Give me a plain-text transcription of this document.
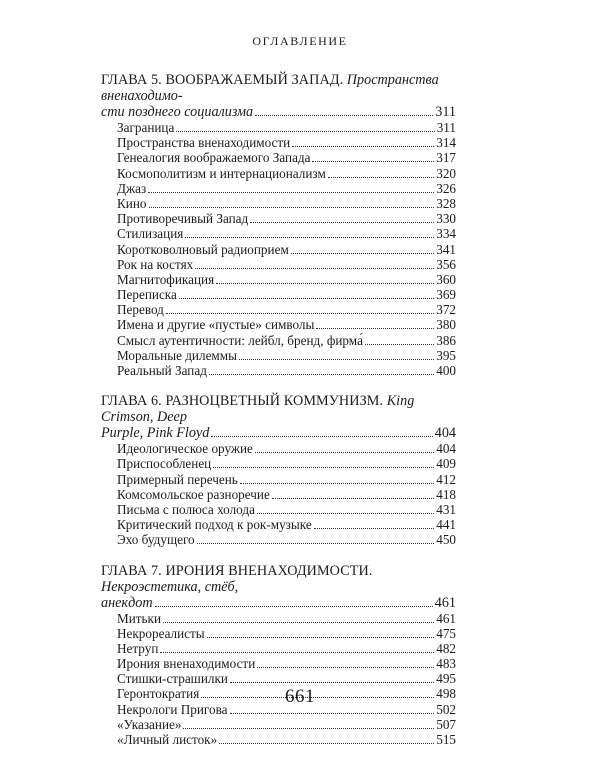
ОГЛАВЛЕНИЕ
ГЛАВА 5. ВООБРАЖАЕМЫЙ ЗАПАД. Пространства вненаходимо-
сти позднего социализма	311
Заграница	311
Пространства вненаходимости	314
Генеалогия воображаемого Запада	317
Космополитизм и интернационализм	320
Джаз	326
Кино	328
Противоречивый Запад	330
Стилизация	334
Коротковолновый радиоприем	341
Рок на костях	356
Магнитофикация	360
Переписка	369
Перевод	372
Имена и другие «пустые» символы	380
Смысл аутентичности: лейбл, бренд, фирма́	386
Моральные дилеммы	395
Реальный Запад	400
ГЛАВА 6. РАЗНОЦВЕТНЫЙ КОММУНИЗМ. King Crimson, Deep
Purple, Pink Floyd	404
Идеологическое оружие	404
Приспособленец	409
Примерный перечень	412
Комсомольское разноречие	418
Письма с полюса холода	431
Критический подход к рок-музыке	441
Эхо будущего	450
ГЛАВА 7. ИРОНИЯ ВНЕНАХОДИМОСТИ. Некроэстетика, стёб,
анекдот	461
Митьки	461
Некрореалисты	475
Нетруп	482
Ирония вненаходимости	483
Стишки-страшилки	495
Геронтократия	498
Некрологи Пригова	502
«Указание»	507
«Личный листок»	515
661
